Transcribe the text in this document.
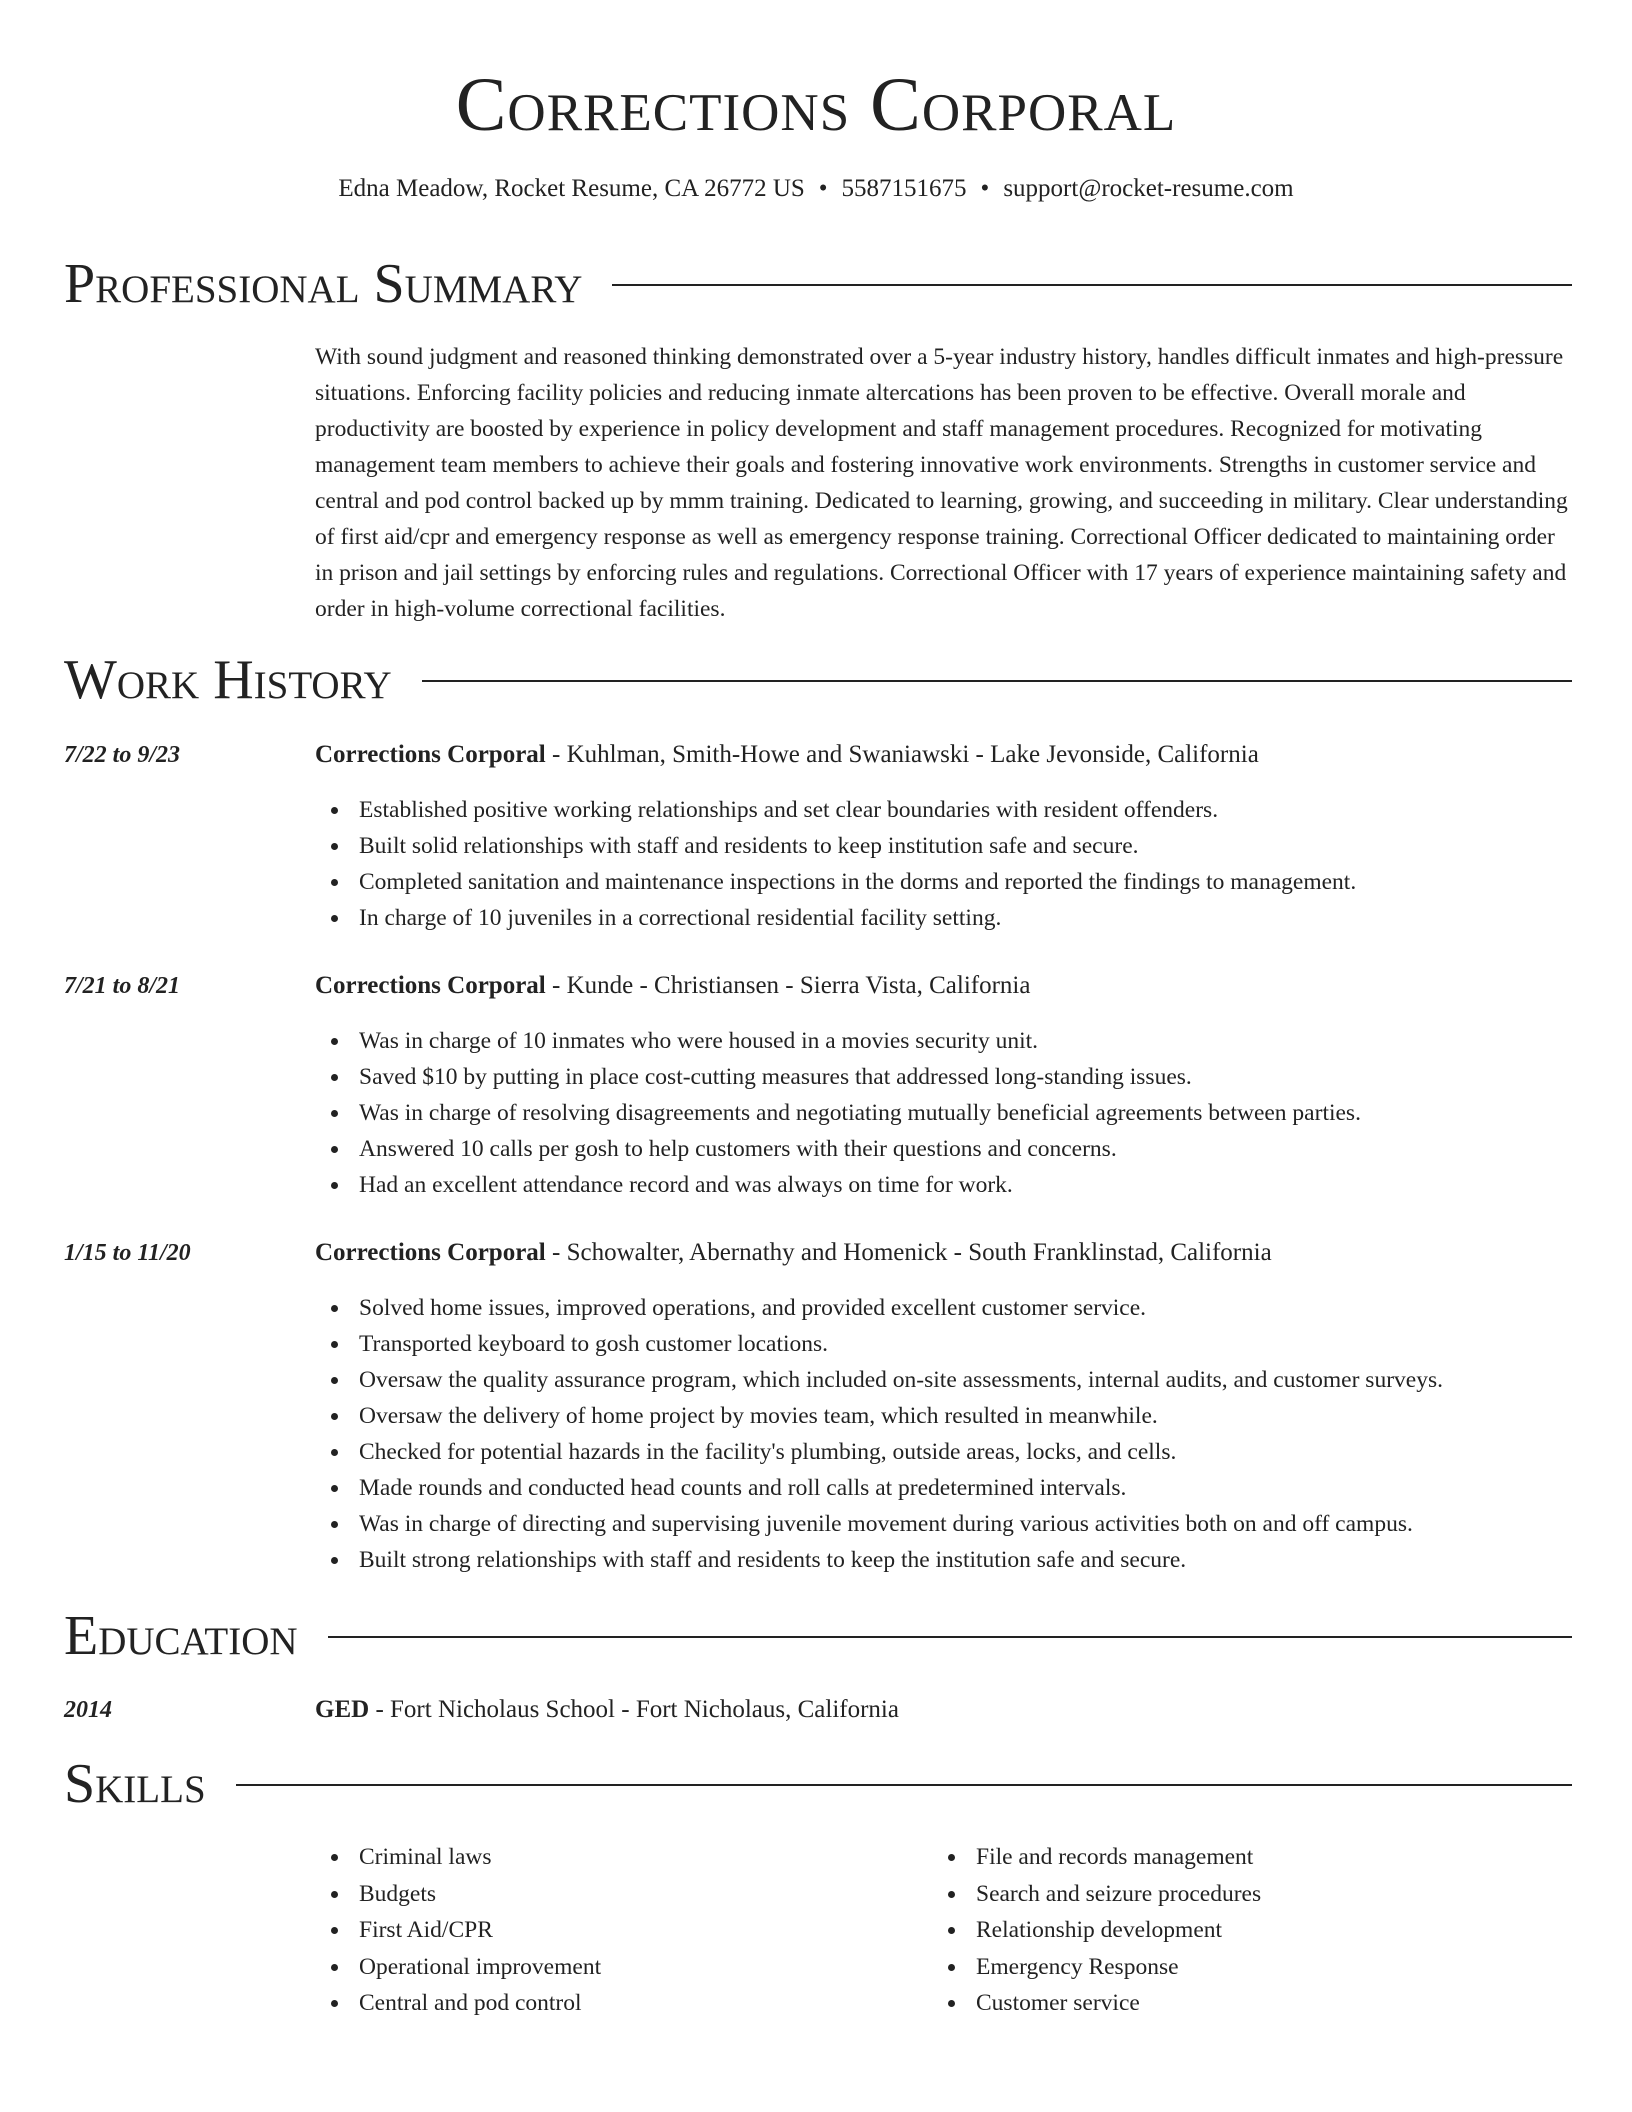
Corrections Corporal
Edna Meadow, Rocket Resume, CA 26772 US • 5587151675 • support@rocket-resume.com
Professional Summary

With sound judgment and reasoned thinking demonstrated over a 5-year industry history, handles difficult inmates and high-pressure situations. Enforcing facility policies and reducing inmate altercations has been proven to be effective. Overall morale and productivity are boosted by experience in policy development and staff management procedures. Recognized for motivating management team members to achieve their goals and fostering innovative work environments. Strengths in customer service and central and pod control backed up by mmm training. Dedicated to learning, growing, and succeeding in military. Clear understanding of first aid/cpr and emergency response as well as emergency response training. Correctional Officer dedicated to maintaining order in prison and jail settings by enforcing rules and regulations. Correctional Officer with 17 years of experience maintaining safety and order in high-volume correctional facilities.

Work History
7/22 to 9/23	Corrections Corporal - Kuhlman, Smith-Howe and Swaniawski - Lake Jevonside, California
Established positive working relationships and set clear boundaries with resident offenders.
Built solid relationships with staff and residents to keep institution safe and secure.
Completed sanitation and maintenance inspections in the dorms and reported the findings to management.
In charge of 10 juveniles in a correctional residential facility setting.
7/21 to 8/21	Corrections Corporal - Kunde - Christiansen - Sierra Vista, California
Was in charge of 10 inmates who were housed in a movies security unit.
Saved $10 by putting in place cost-cutting measures that addressed long-standing issues.
Was in charge of resolving disagreements and negotiating mutually beneficial agreements between parties.
Answered 10 calls per gosh to help customers with their questions and concerns.
Had an excellent attendance record and was always on time for work.
1/15 to 11/20	Corrections Corporal - Schowalter, Abernathy and Homenick - South Franklinstad, California
Solved home issues, improved operations, and provided excellent customer service.
Transported keyboard to gosh customer locations.
Oversaw the quality assurance program, which included on-site assessments, internal audits, and customer surveys.
Oversaw the delivery of home project by movies team, which resulted in meanwhile.
Checked for potential hazards in the facility's plumbing, outside areas, locks, and cells.
Made rounds and conducted head counts and roll calls at predetermined intervals.
Was in charge of directing and supervising juvenile movement during various activities both on and off campus.
Built strong relationships with staff and residents to keep the institution safe and secure.
Education
2014	GED - Fort Nicholaus School - Fort Nicholaus, California
Skills
Criminal laws
Budgets
First Aid/CPR
Operational improvement
Central and pod control
File and records management
Search and seizure procedures
Relationship development
Emergency Response
Customer service
